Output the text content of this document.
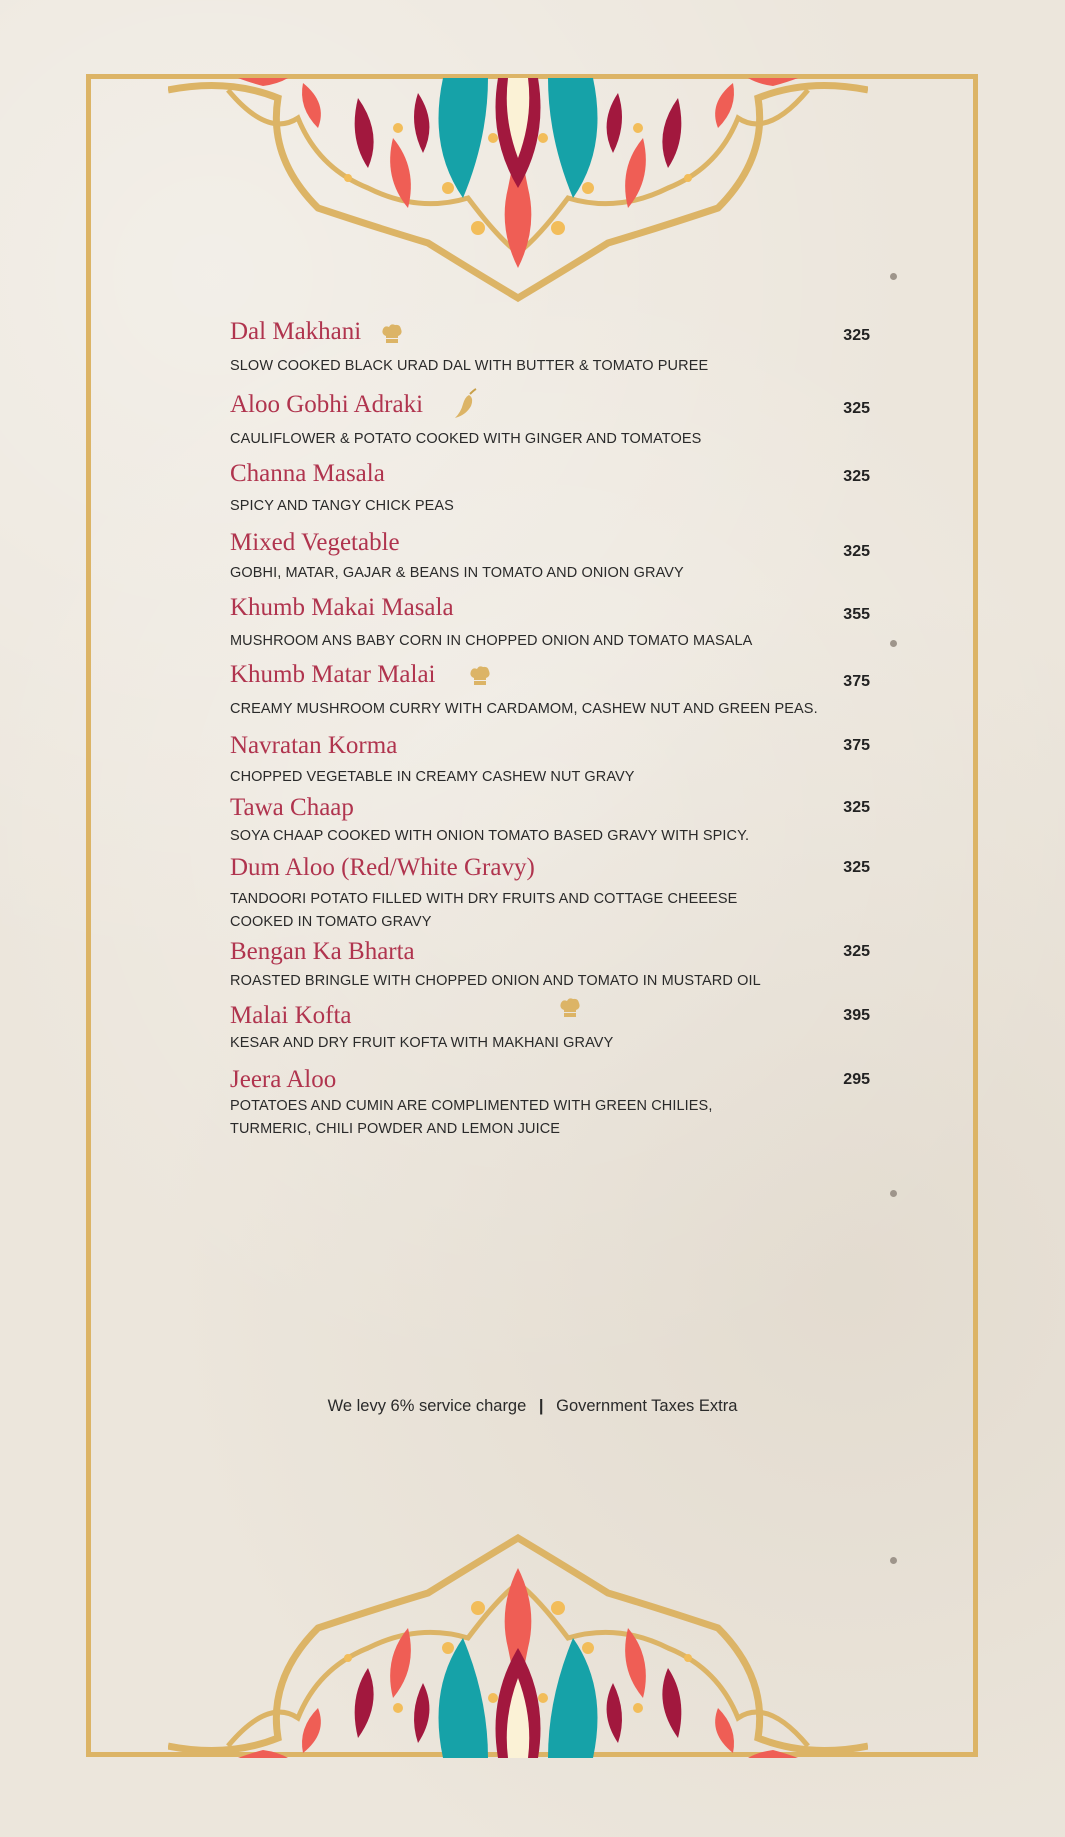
Dal Makhani	325
SLOW COOKED BLACK URAD DAL WITH BUTTER & TOMATO PUREE
Aloo Gobhi Adraki	325
CAULIFLOWER & POTATO COOKED WITH GINGER AND TOMATOES
Channa Masala	325
SPICY AND TANGY CHICK PEAS
Mixed Vegetable	325
GOBHI, MATAR, GAJAR & BEANS IN TOMATO AND ONION GRAVY
Khumb Makai Masala	355
MUSHROOM ANS BABY CORN IN CHOPPED ONION AND TOMATO MASALA
Khumb Matar Malai	375
CREAMY MUSHROOM CURRY WITH CARDAMOM, CASHEW NUT AND GREEN PEAS.
Navratan Korma	375
CHOPPED VEGETABLE IN CREAMY CASHEW NUT GRAVY
Tawa Chaap	325
SOYA CHAAP COOKED WITH ONION TOMATO BASED GRAVY WITH SPICY.
Dum Aloo (Red/White Gravy)	325
TANDOORI POTATO FILLED WITH DRY FRUITS AND COTTAGE CHEEESE
COOKED IN TOMATO GRAVY
Bengan Ka Bharta	325
ROASTED BRINGLE WITH CHOPPED ONION AND TOMATO IN MUSTARD OIL
Malai Kofta	395
KESAR AND DRY FRUIT KOFTA WITH MAKHANI GRAVY
Jeera Aloo	295
POTATOES AND CUMIN ARE COMPLIMENTED WITH GREEN CHILIES,
TURMERIC, CHILI POWDER AND LEMON JUICE
We levy 6% service charge | Government Taxes Extra
